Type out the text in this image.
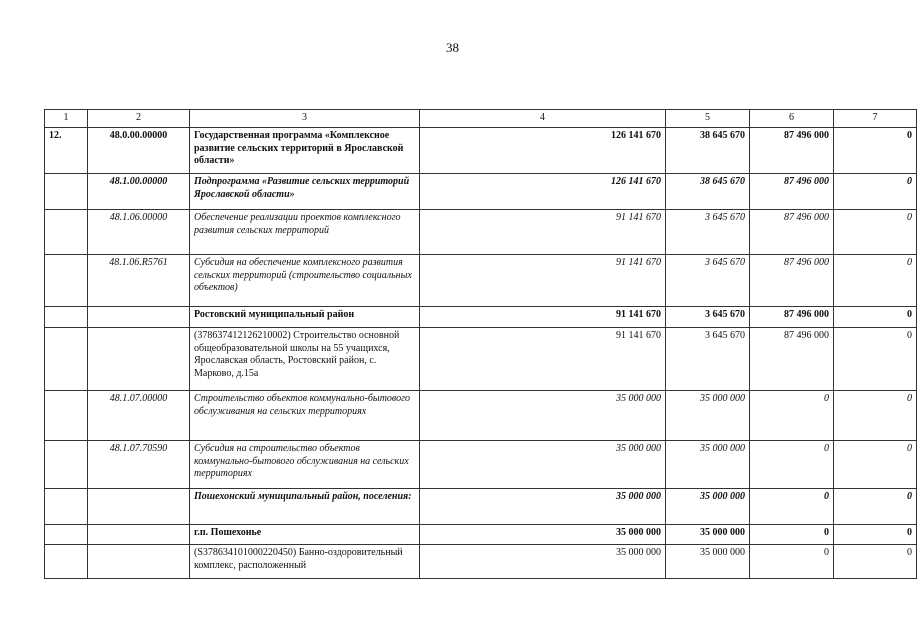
38
1	2	3	4	5	6	7
12.	48.0.00.00000	Государственная программа «Комплексное развитие сельских территорий в Ярославской области»	126 141 670	38 645 670	87 496 000	0
	48.1.00.00000	Подпрограмма «Развитие сельских территорий Ярославской области»	126 141 670	38 645 670	87 496 000	0
	48.1.06.00000	Обеспечение реализации проектов комплексного развития сельских территорий	91 141 670	3 645 670	87 496 000	0
	48.1.06.R5761	Субсидия на обеспечение комплексного развития сельских территорий (строительство социальных объектов)	91 141 670	3 645 670	87 496 000	0
		Ростовский муниципальный район	91 141 670	3 645 670	87 496 000	0
		(378637412126210002) Строительство основной общеобразовательной школы на 55 учащихся, Ярославская область, Ростовский район, с. Марково, д.15а	91 141 670	3 645 670	87 496 000	0
	48.1.07.00000	Строительство объектов коммунально-бытового обслуживания на сельских территориях	35 000 000	35 000 000	0	0
	48.1.07.70590	Субсидия на строительство объектов коммунально-бытового обслуживания на сельских территориях	35 000 000	35 000 000	0	0
		Пошехонский муниципальный район, поселения:	35 000 000	35 000 000	0	0
		г.п. Пошехонье	35 000 000	35 000 000	0	0
		(S378634101000220450) Банно-оздоровительный комплекс, расположенный	35 000 000	35 000 000	0	0
